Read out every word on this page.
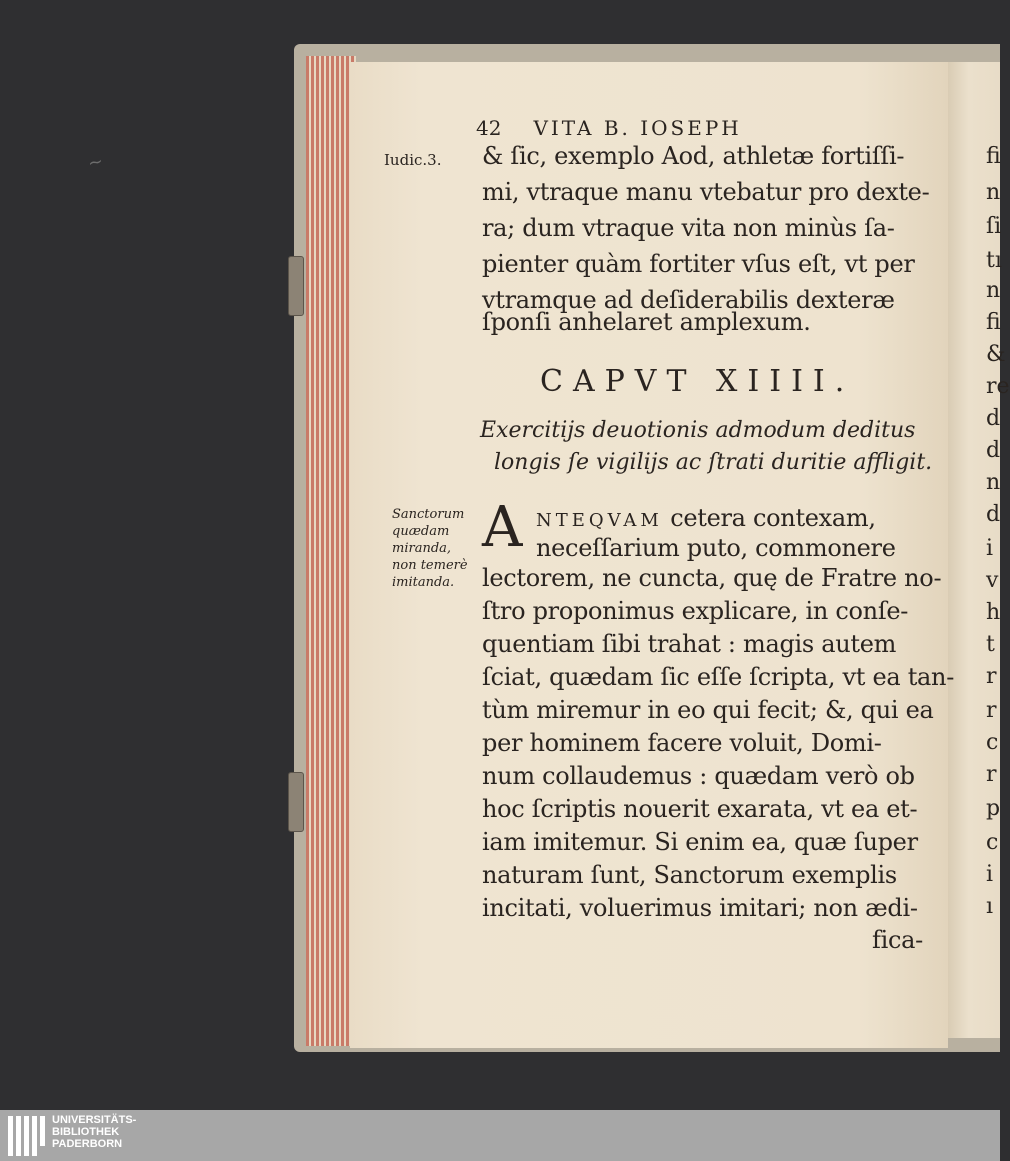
~
42 VITA B. IOSEPH
Iudic.3. & ſic, exemplo Aod, athletæ fortiſſi-
mi, vtraque manu vtebatur pro dexte-
ra; dum vtraque vita non minùs ſa-
pienter quàm fortiter vſus eſt, vt per
vtramque ad deſiderabilis dexteræ
ſponſi anhelaret amplexum.
CAPVT XIIII.
Exercitijs deuotionis admodum deditus
longis ſe vigilijs ac ſtrati duritie affligit.
Sanctorum
quædam
miranda,
non temerè
imitanda.
A NTEQVAM cetera contexam,
neceſſarium puto, commonere
lectorem, ne cuncta, quę de Fratre no-
ſtro proponimus explicare, in conſe-
quentiam ſibi trahat : magis autem
ſciat, quædam ſic eſſe ſcripta, vt ea tan-
tùm miremur in eo qui fecit; &, qui ea
per hominem facere voluit, Domi-
num collaudemus : quædam verò ob
hoc ſcriptis nouerit exarata, vt ea et-
iam imitemur. Si enim ea, quæ ſuper
naturam ſunt, Sanctorum exemplis
incitati, voluerimus imitari; non ædi-
fica-
fi
n
ſi
tı
n
fi
&
re
d
d
n
d
i
v
h
t
r
r
c
r
p
c
i
ı
UNIVERSITÄTS-
BIBLIOTHEK
PADERBORN
